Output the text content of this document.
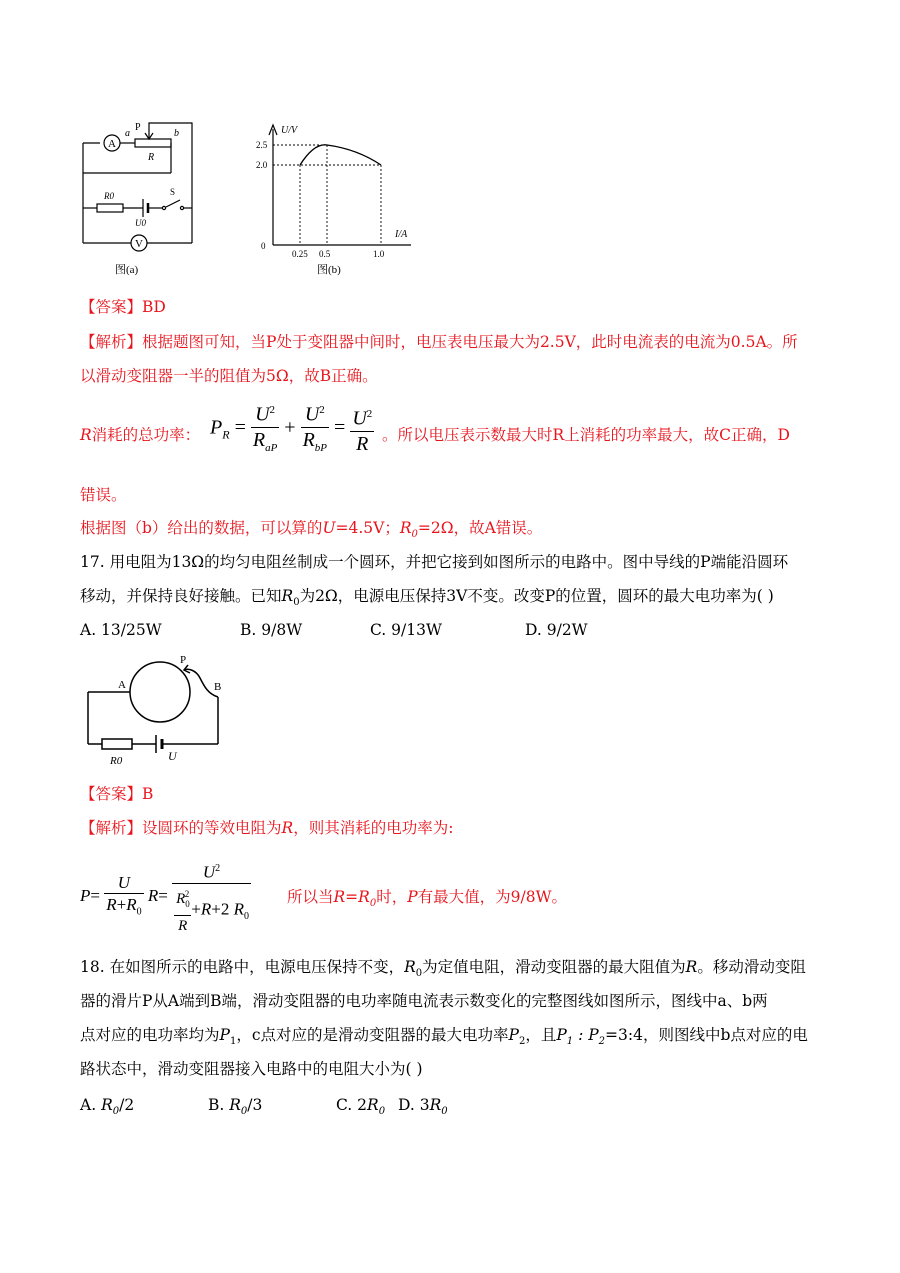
A
V
a
P
b
R
R0
U0
S
图(a)
U/V
I/A
0
2.5
2.0
0.25 0.5	1.0
图(b)
【答案】BD
【解析】根据题图可知，当P处于变阻器中间时，电压表电压最大为2.5V，此时电流表的电流为0.5A。所
以滑动变阻器一半的阻值为5Ω，故B正确。
R消耗的总功率： $P_R = \frac{U^2}{R_{aP}} + \frac{U^2}{R_{bP}} = \frac{U^2}{R}$ 。所以电压表示数最大时R上消耗的功率最大，故C正确，D
错误。
根据图（b）给出的数据，可以算的U=4.5V；$R_0=2\Omega$，故A错误。
17. 用电阻为13Ω的均匀电阻丝制成一个圆环，并把它接到如图所示的电路中。图中导线的P端能沿圆环
移动，并保持良好接触。已知$R_0$为2Ω，电源电压保持3V不变。改变P的位置，圆环的最大电功率为( )
A. 13/25W	B. 9/8W	C. 9/13W	D. 9/2W
A	B
P
R0	U
【答案】B
【解析】设圆环的等效电阻为R，则其消耗的电功率为:
$P= \frac{U}{R+R_0} R= \frac{U^2}{\frac{R_0^2}{R} +R+2 R_0}$ 所以当$R=R_0$时，P有最大值，为9/8W。
18. 在如图所示的电路中，电源电压保持不变，$R_0$为定值电阻，滑动变阻器的最大阻值为R。移动滑动变阻
器的滑片P从A端到B端，滑动变阻器的电功率随电流表示数变化的完整图线如图所示，图线中a、b两
点对应的电功率均为$P_1$，c点对应的是滑动变阻器的最大电功率$P_2$，且$P_1$ : $P_2=3:4$，则图线中b点对应的电
路状态中，滑动变阻器接入电路中的电阻大小为( )
A. $R_0/2$	B. $R_0/3$	C. $2R_0$ D. $3R_0$
